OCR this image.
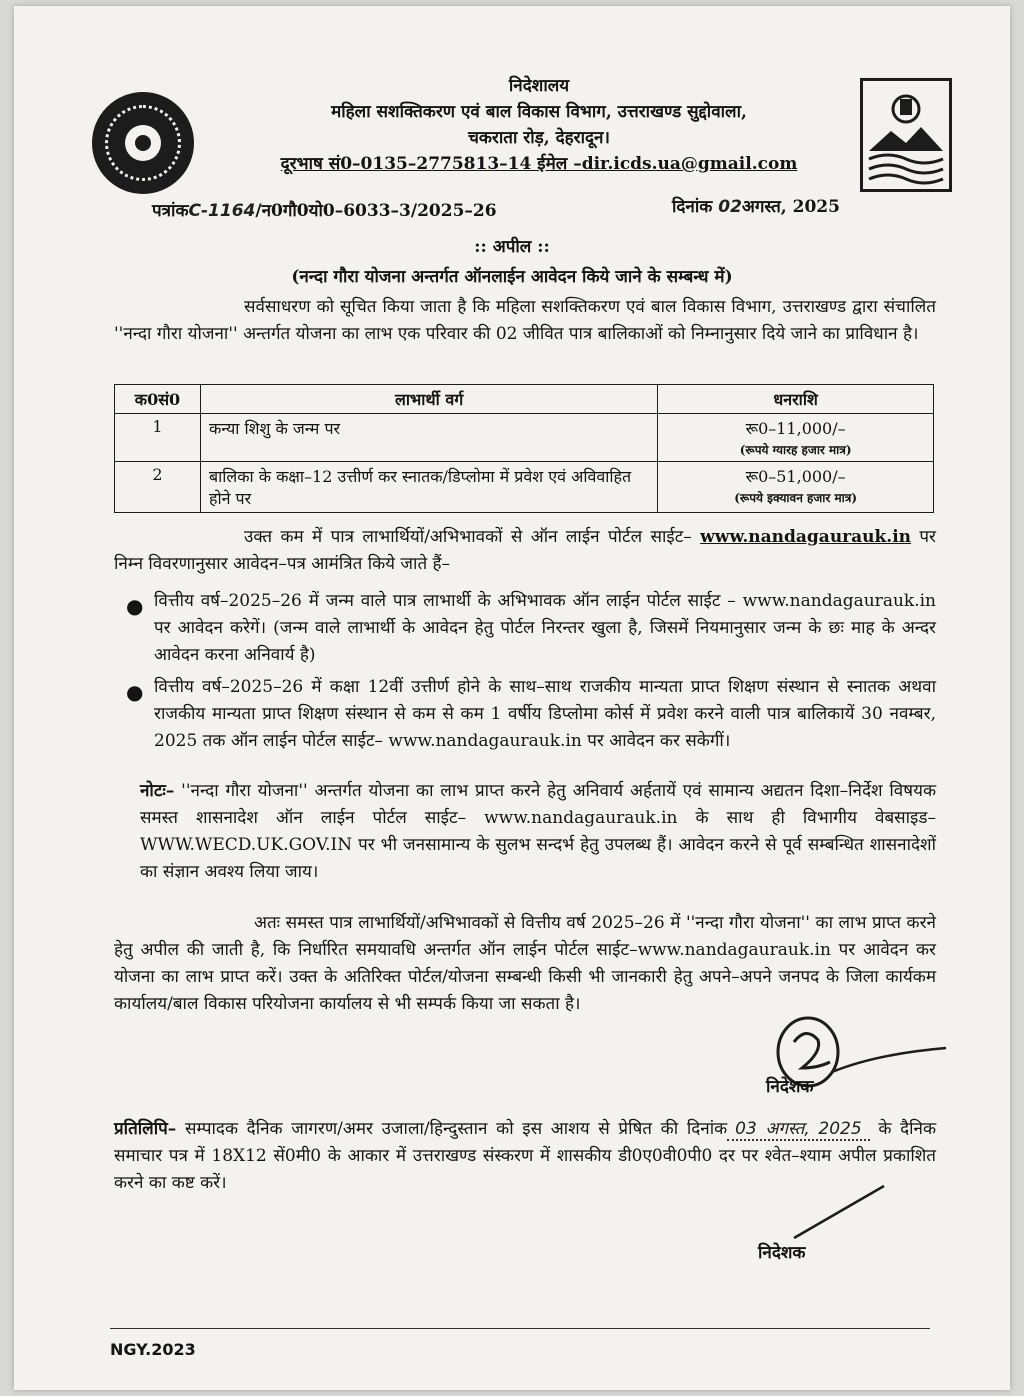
निदेशालय
महिला सशक्तिकरण एवं बाल विकास विभाग, उत्तराखण्ड सुद्दोवाला,
चकराता रोड़, देहरादून।
दूरभाष सं0–0135–2775813–14 ईमेल –dir.icds.ua@gmail.com
पत्रांकC-1164/न0गौ0यो0–6033–3/2025–26	दिनांक 02अगस्त, 2025
:: अपील ::
(नन्दा गौरा योजना अन्तर्गत ऑनलाईन आवेदन किये जाने के सम्बन्ध में)
सर्वसाधरण को सूचित किया जाता है कि महिला सशक्तिकरण एवं बाल विकास विभाग, उत्तराखण्ड द्वारा संचालित ''नन्दा गौरा योजना'' अन्तर्गत योजना का लाभ एक परिवार की 02 जीवित पात्र बालिकाओं को निम्नानुसार दिये जाने का प्राविधान है।
क0सं0	लाभार्थी वर्ग	धनराशि
1	कन्या शिशु के जन्म पर	रू0–11,000/–
(रूपये ग्यारह हजार मात्र)

2	बालिका के कक्षा–12 उत्तीर्ण कर स्नातक/डिप्लोमा में प्रवेश एवं अविवाहित होने पर	रू0–51,000/–
(रूपये इक्यावन हजार मात्र)
उक्त कम में पात्र लाभार्थियों/अभिभावकों से ऑन लाईन पोर्टल साईट– www.nandagaurauk.in पर निम्न विवरणानुसार आवेदन–पत्र आमंत्रित किये जाते हैं–
● वित्तीय वर्ष–2025–26 में जन्म वाले पात्र लाभार्थी के अभिभावक ऑन लाईन पोर्टल साईट – www.nandagaurauk.in पर आवेदन करेगें। (जन्म वाले लाभार्थी के आवेदन हेतु पोर्टल निरन्तर खुला है, जिसमें नियमानुसार जन्म के छः माह के अन्दर आवेदन करना अनिवार्य है)
● वित्तीय वर्ष–2025–26 में कक्षा 12वीं उत्तीर्ण होने के साथ–साथ राजकीय मान्यता प्राप्त शिक्षण संस्थान से स्नातक अथवा राजकीय मान्यता प्राप्त शिक्षण संस्थान से कम से कम 1 वर्षीय डिप्लोमा कोर्स में प्रवेश करने वाली पात्र बालिकायें 30 नवम्बर, 2025 तक ऑन लाईन पोर्टल साईट– www.nandagaurauk.in पर आवेदन कर सकेगीं।
नोटः– ''नन्दा गौरा योजना'' अन्तर्गत योजना का लाभ प्राप्त करने हेतु अनिवार्य अर्हतायें एवं सामान्य अद्यतन दिशा–निर्देश विषयक समस्त शासनादेश ऑन लाईन पोर्टल साईट– www.nandagaurauk.in के साथ ही विभागीय वेबसाइड–WWW.WECD.UK.GOV.IN पर भी जनसामान्य के सुलभ सन्दर्भ हेतु उपलब्ध हैं। आवेदन करने से पूर्व सम्बन्धित शासनादेशों का संज्ञान अवश्य लिया जाय।
अतः समस्त पात्र लाभार्थियों/अभिभावकों से वित्तीय वर्ष 2025–26 में ''नन्दा गौरा योजना'' का लाभ प्राप्त करने हेतु अपील की जाती है, कि निर्धारित समयावधि अन्तर्गत ऑन लाईन पोर्टल साईट–www.nandagaurauk.in पर आवेदन कर योजना का लाभ प्राप्त करें। उक्त के अतिरिक्त पोर्टल/योजना सम्बन्धी किसी भी जानकारी हेतु अपने–अपने जनपद के जिला कार्यकम कार्यालय/बाल विकास परियोजना कार्यालय से भी सम्पर्क किया जा सकता है।
निदेशक
प्रतिलिपि– सम्पादक दैनिक जागरण/अमर उजाला/हिन्दुस्तान को इस आशय से प्रेषित की दिनांक 03 अगस्त, 2025 के दैनिक समाचार पत्र में 18X12 सें0मी0 के आकार में उत्तराखण्ड संस्करण में शासकीय डी0ए0वी0पी0 दर पर श्वेत–श्याम अपील प्रकाशित करने का कष्ट करें।
निदेशक
NGY.2023
